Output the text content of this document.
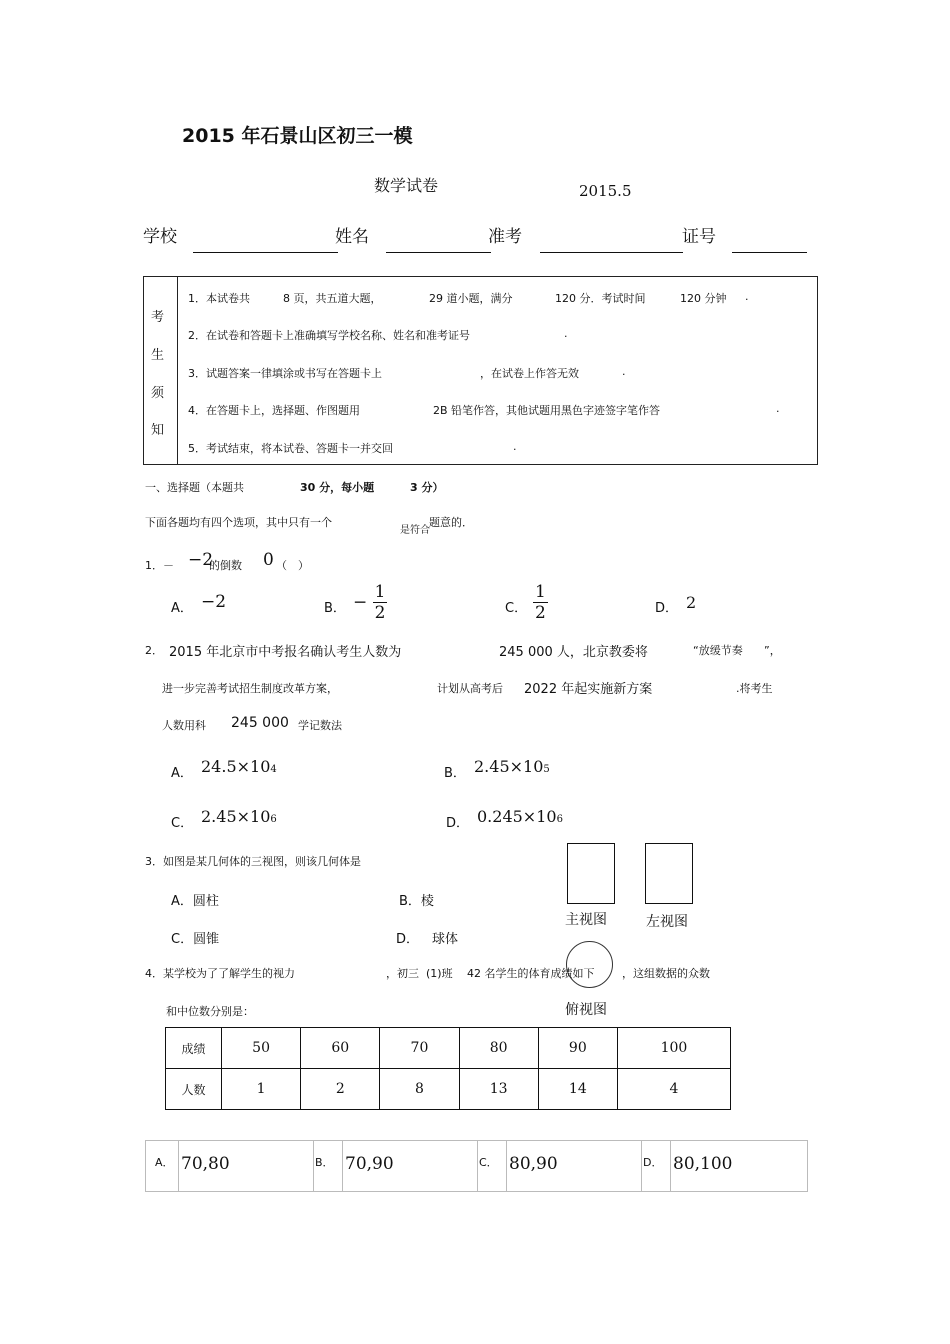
2015 年石景山区初三一模
数学试卷	2015.5
学校	姓名	准考	证号
考
生
须
知
1．本试卷共	8 页，共五道大题，	29 道小题，满分	120 分．考试时间	120 分钟 .
2．在试卷和答题卡上准确填写学校名称、姓名和准考证号	.
3．试题答案一律填涂或书写在答题卡上	，在试卷上作答无效	.
4．在答题卡上，选择题、作图题用	2B 铅笔作答，其他试题用黑色字迹签字笔作答	.
5．考试结束，将本试卷、答题卡一并交回	.
一、选择题（本题共	30 分，每小题	3 分）
下面各题均有四个选项，其中只有一个
是符合
题意的．
1．－ −2
的倒数 0 （　）
A． −2	B． − $\frac{1}{2}$	C． $\frac{1}{2}$	D． 2
2． 2015 年北京市中考报名确认考生人数为	245 000 人，北京教委将	“放缓节奏 ”，
进一步完善考试招生制度改革方案，	计划从高考后 2022 年起实施新方案	.将考生
人数用科 245 000 学记数法
A． 24.5×104	B． 2.45×105
C． 2.45×106	D． 0.245×106
3．如图是某几何体的三视图，则该几何体是
A．圆柱	B．棱
C．圆锥	D． 球体
主视图	左视图
俯视图
4．某学校为了了解学生的视力	，初三 (1)班 42 名学生的体育成绩如下	，这组数据的众数
和中位数分别是：
成绩	50	60	70	80	90	100
人数	1	2	8	13	14	4
A． 70,80	B． 70,90	C． 80,90	D． 80,100
